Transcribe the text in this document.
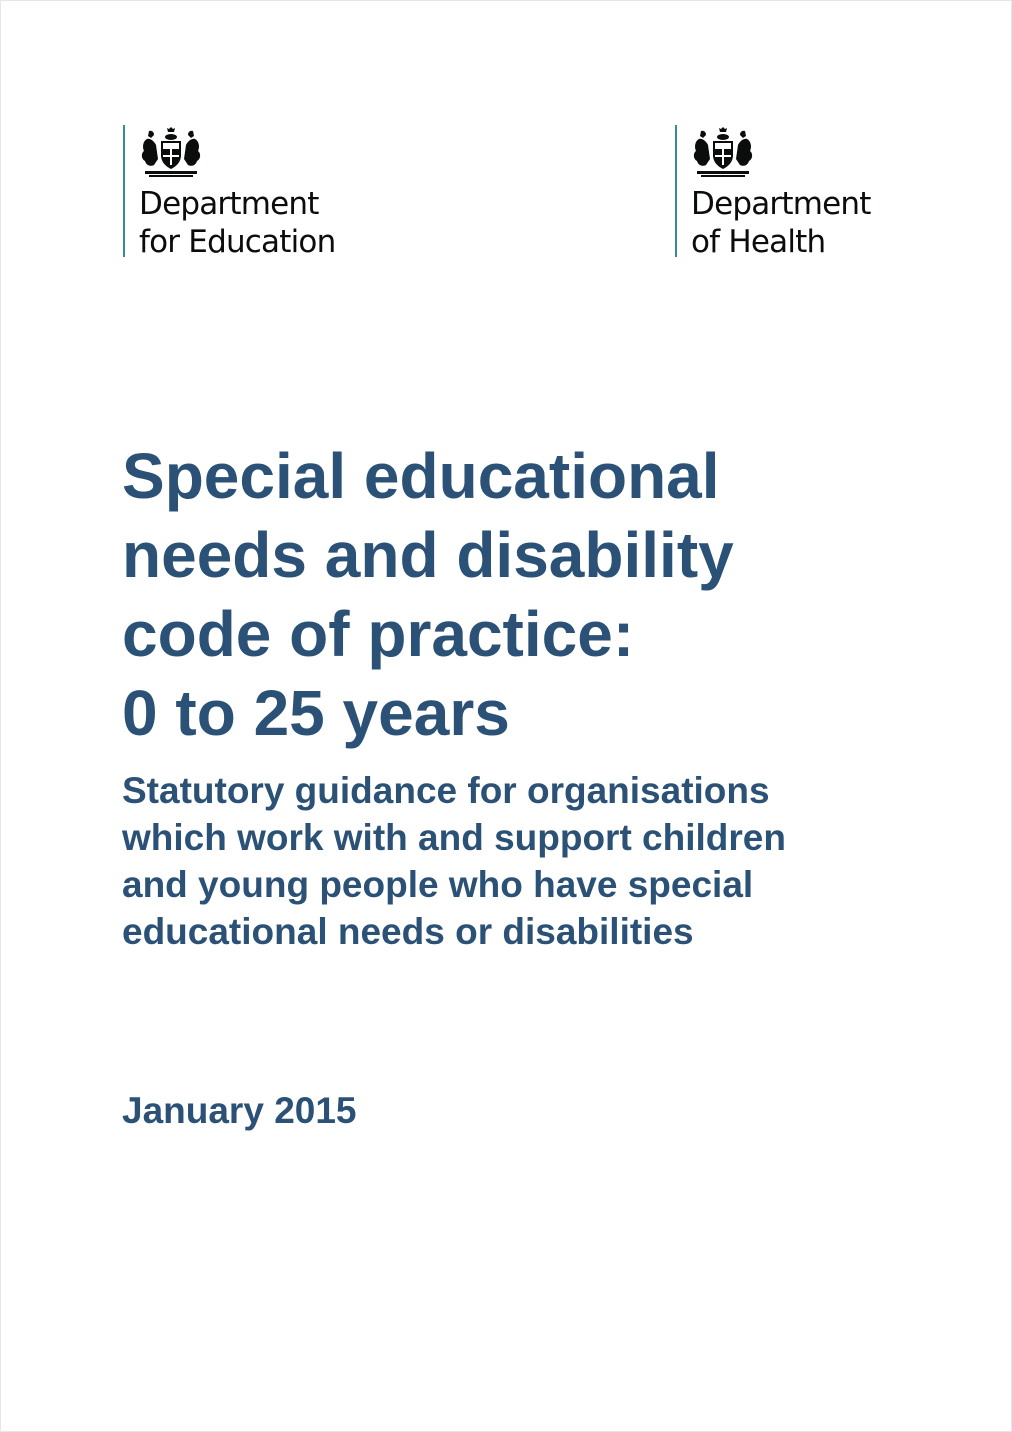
Department
for Education
Department
of Health
Special educational
needs and disability
code of practice:
0 to 25 years
Statutory guidance for organisations
which work with and support children
and young people who have special
educational needs or disabilities

January 2015
